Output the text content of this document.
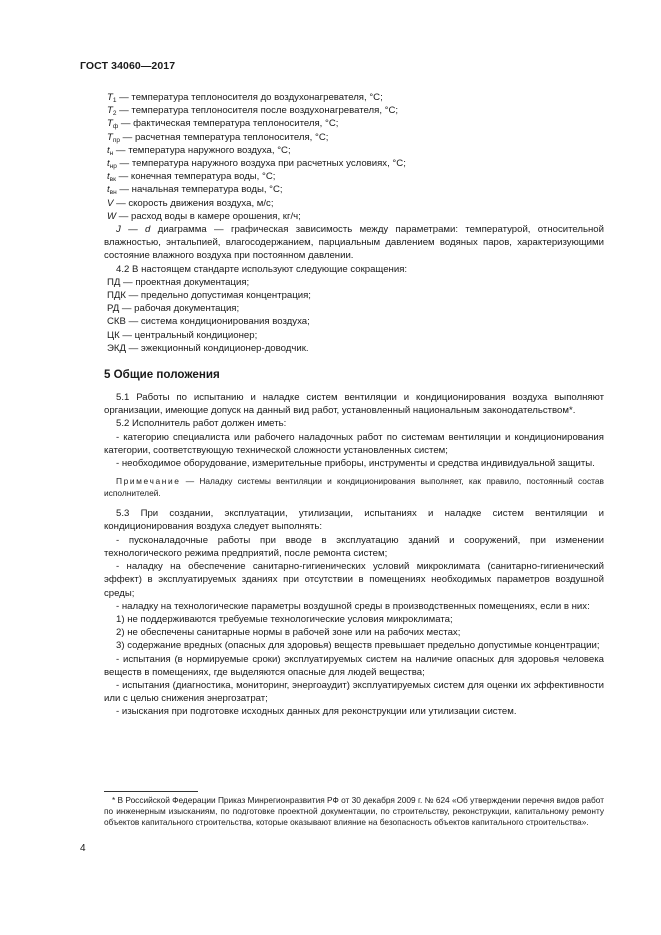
ГОСТ 34060—2017
$T_1$ — температура теплоносителя до воздухонагревателя, °С;
$T_2$ — температура теплоносителя после воздухонагревателя, °С;
$T_ф$ — фактическая температура теплоносителя, °С;
$T_{пр}$ — расчетная температура теплоносителя, °С;
$t_н$ — температура наружного воздуха, °С;
$t_{нр}$ — температура наружного воздуха при расчетных условиях, °С;
$t_{вк}$ — конечная температура воды, °С;
$t_{вн}$ — начальная температура воды, °С;
V — скорость движения воздуха, м/с;
W — расход воды в камере орошения, кг/ч;
J — d диаграмма — графическая зависимость между параметрами: температурой, относительной влажностью, энтальпией, влагосодержанием, парциальным давлением водяных паров, характеризующими состояние влажного воздуха при постоянном давлении.
4.2 В настоящем стандарте используют следующие сокращения:
ПД — проектная документация;
ПДК — предельно допустимая концентрация;
РД — рабочая документация;
СКВ — система кондиционирования воздуха;
ЦК — центральный кондиционер;
ЭКД — эжекционный кондиционер-доводчик.
5 Общие положения
5.1 Работы по испытанию и наладке систем вентиляции и кондиционирования воздуха выполняют организации, имеющие допуск на данный вид работ, установленный национальным законодательством*.
5.2 Исполнитель работ должен иметь:
- категорию специалиста или рабочего наладочных работ по системам вентиляции и кондиционирования категории, соответствующую технической сложности установленных систем;
- необходимое оборудование, измерительные приборы, инструменты и средства индивидуальной защиты.
Примечание — Наладку системы вентиляции и кондиционирования выполняет, как правило, постоянный состав исполнителей.
5.3 При создании, эксплуатации, утилизации, испытаниях и наладке систем вентиляции и кондиционирования воздуха следует выполнять:
- пусконаладочные работы при вводе в эксплуатацию зданий и сооружений, при изменении технологического режима предприятий, после ремонта систем;
- наладку на обеспечение санитарно-гигиенических условий микроклимата (санитарно-гигиенический эффект) в эксплуатируемых зданиях при отсутствии в помещениях необходимых параметров воздушной среды;
- наладку на технологические параметры воздушной среды в производственных помещениях, если в них:
1) не поддерживаются требуемые технологические условия микроклимата;
2) не обеспечены санитарные нормы в рабочей зоне или на рабочих местах;
3) содержание вредных (опасных для здоровья) веществ превышает предельно допустимые концентрации;
- испытания (в нормируемые сроки) эксплуатируемых систем на наличие опасных для здоровья человека веществ в помещениях, где выделяются опасные для людей вещества;
- испытания (диагностика, мониторинг, энергоаудит) эксплуатируемых систем для оценки их эффективности или с целью снижения энергозатрат;
- изыскания при подготовке исходных данных для реконструкции или утилизации систем.
* В Российской Федерации Приказ Минрегионразвития РФ от 30 декабря 2009 г. № 624 «Об утверждении перечня видов работ по инженерным изысканиям, по подготовке проектной документации, по строительству, реконструкции, капитальному ремонту объектов капитального строительства, которые оказывают влияние на безопасность объектов капитального строительства».
4
